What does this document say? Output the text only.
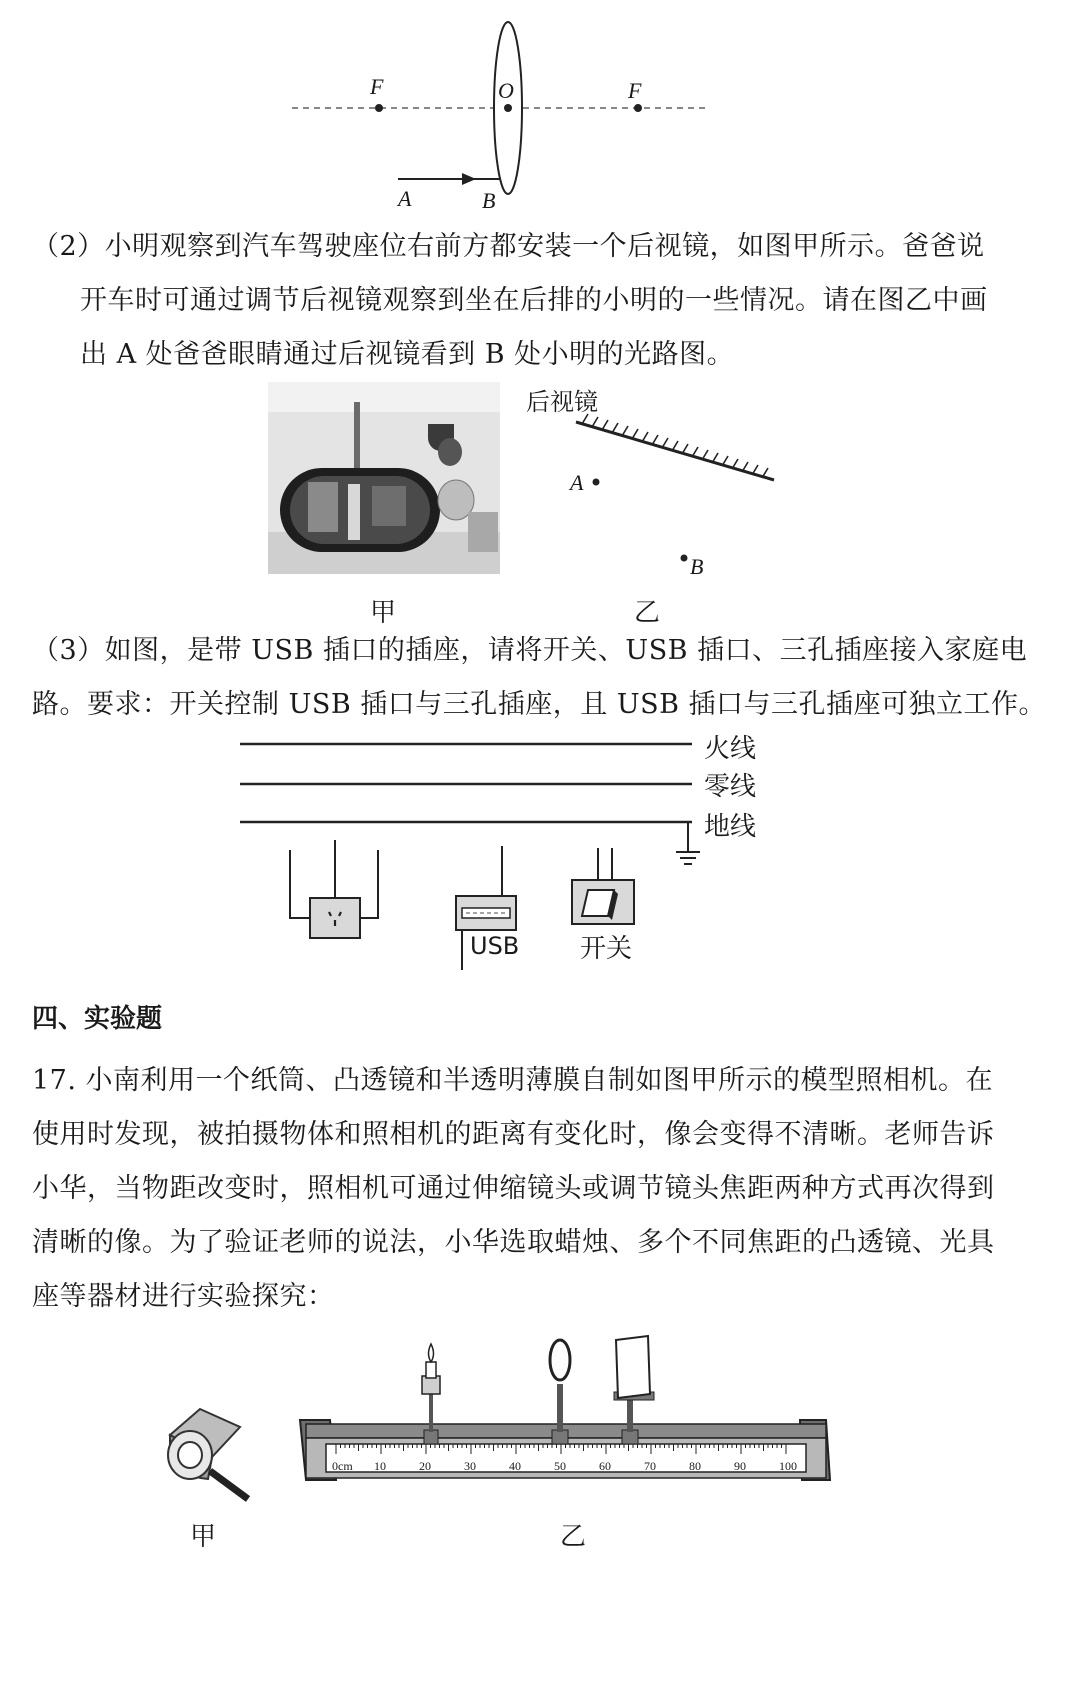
F	O	F
A	B
（2）小明观察到汽车驾驶座位右前方都安装一个后视镜，如图甲所示。爸爸说
开车时可通过调节后视镜观察到坐在后排的小明的一些情况。请在图乙中画
出 A 处爸爸眼睛通过后视镜看到 B 处小明的光路图。
后视镜
A
B
甲	乙
（3）如图，是带 USB 插口的插座，请将开关、USB 插口、三孔插座接入家庭电
路。要求：开关控制 USB 插口与三孔插座，且 USB 插口与三孔插座可独立工作。
火线
零线
地线
USB 开关
四、实验题
17. 小南利用一个纸筒、凸透镜和半透明薄膜自制如图甲所示的模型照相机。在
使用时发现，被拍摄物体和照相机的距离有变化时，像会变得不清晰。老师告诉
小华，当物距改变时，照相机可通过伸缩镜头或调节镜头焦距两种方式再次得到
清晰的像。为了验证老师的说法，小华选取蜡烛、多个不同焦距的凸透镜、光具
座等器材进行实验探究：
甲	乙
0cm 10	20	30	40	50	60	70	80	90	100
